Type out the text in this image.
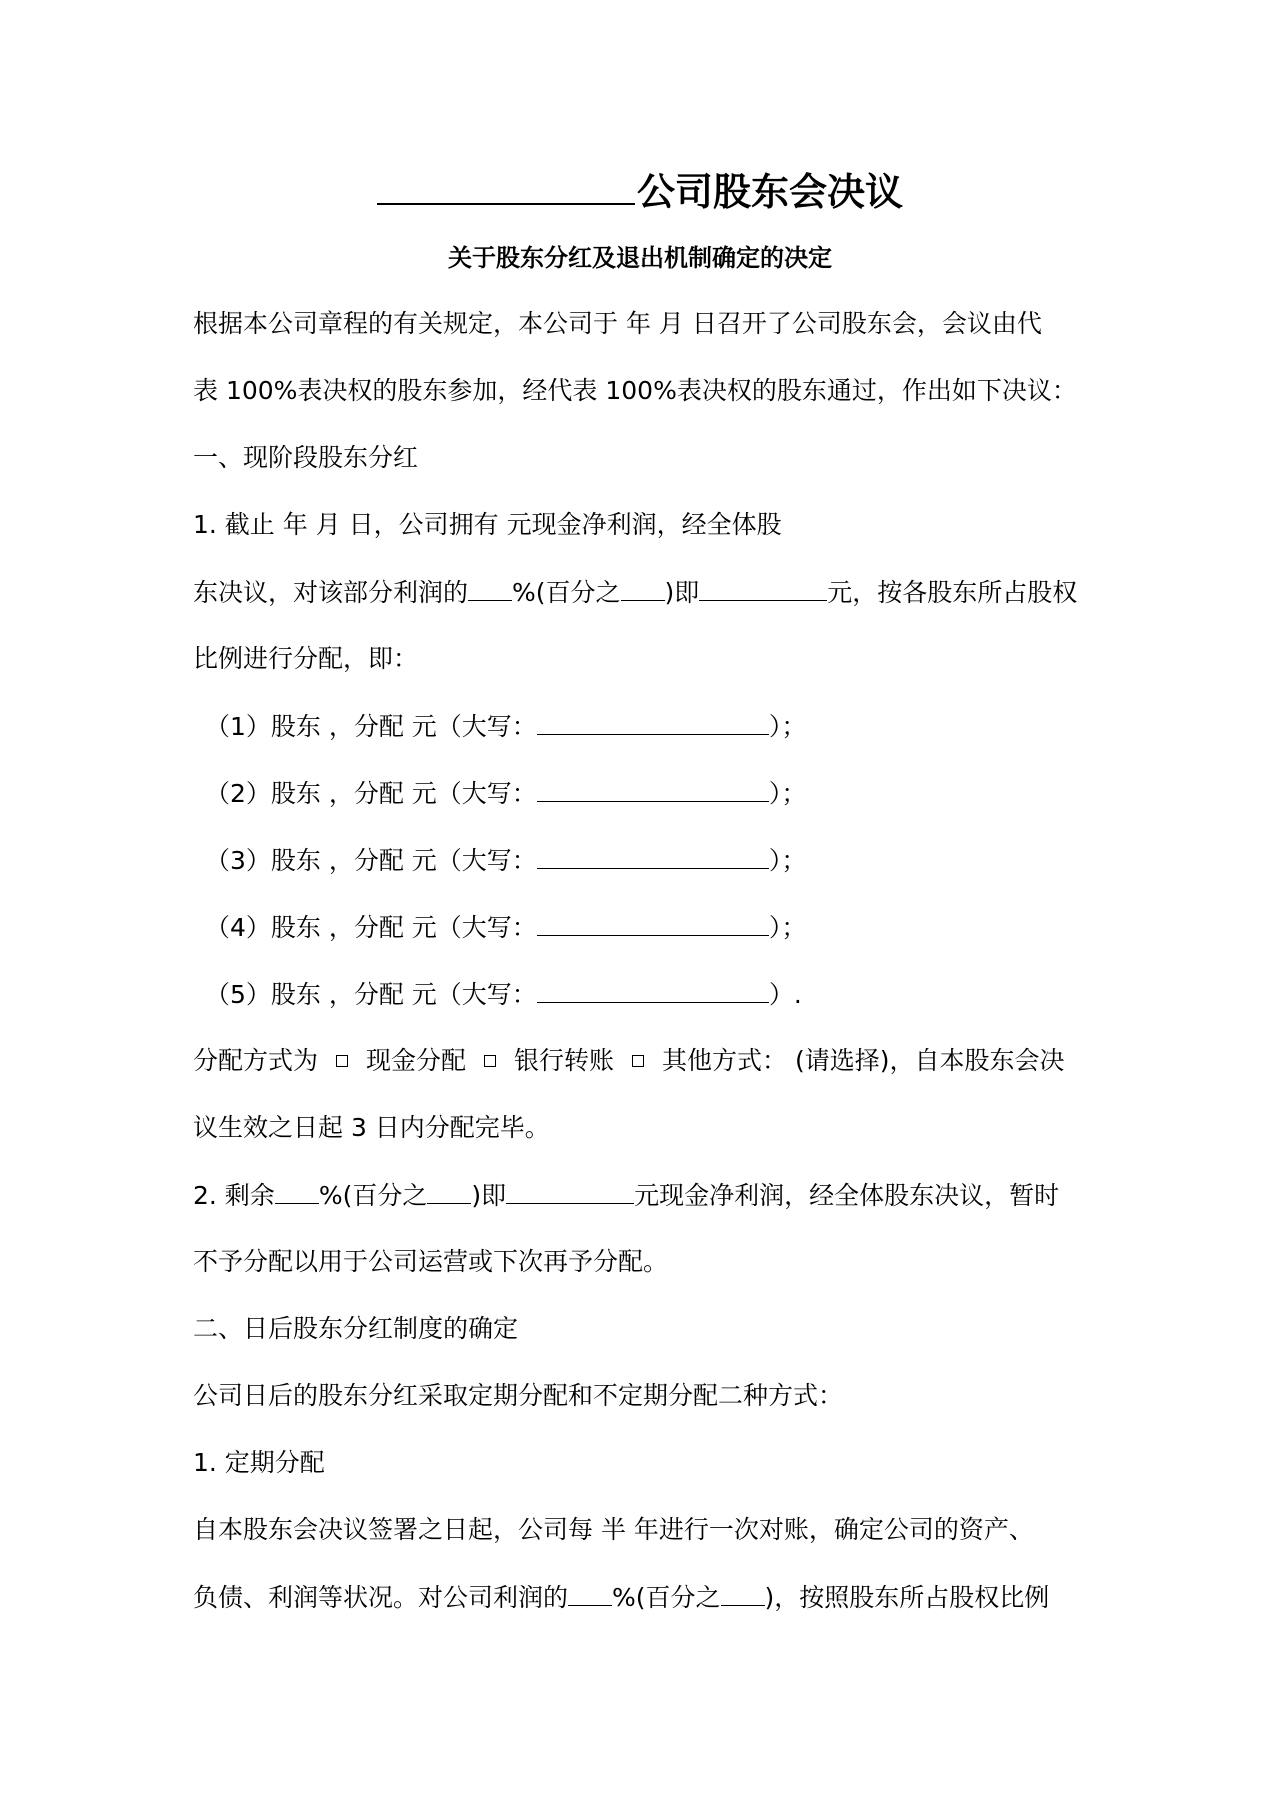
公司股东会决议
关于股东分红及退出机制确定的决定
根据本公司章程的有关规定，本公司于 年 月 日召开了公司股东会，会议由代
表 100%表决权的股东参加，经代表 100%表决权的股东通过，作出如下决议：
一、现阶段股东分红
1. 截止 年 月 日，公司拥有 元现金净利润，经全体股
东决议，对该部分利润的 %(百分之 )即	元，按各股东所占股权
比例进行分配，即：
（1）股东 ，分配 元（大写：	）；
（2）股东 ，分配 元（大写：	）；
（3）股东 ，分配 元（大写：	）；
（4）股东 ，分配 元（大写：	）；
（5）股东 ，分配 元（大写：	）.
分配方式为 现金分配 银行转账 其他方式： (请选择)，自本股东会决
议生效之日起 3 日内分配完毕。
2. 剩余 %(百分之 )即	元现金净利润，经全体股东决议，暂时
不予分配以用于公司运营或下次再予分配。
二、日后股东分红制度的确定
公司日后的股东分红采取定期分配和不定期分配二种方式：
1. 定期分配
自本股东会决议签署之日起，公司每 半 年进行一次对账，确定公司的资产、
负债、利润等状况。对公司利润的 %(百分之 )，按照股东所占股权比例
